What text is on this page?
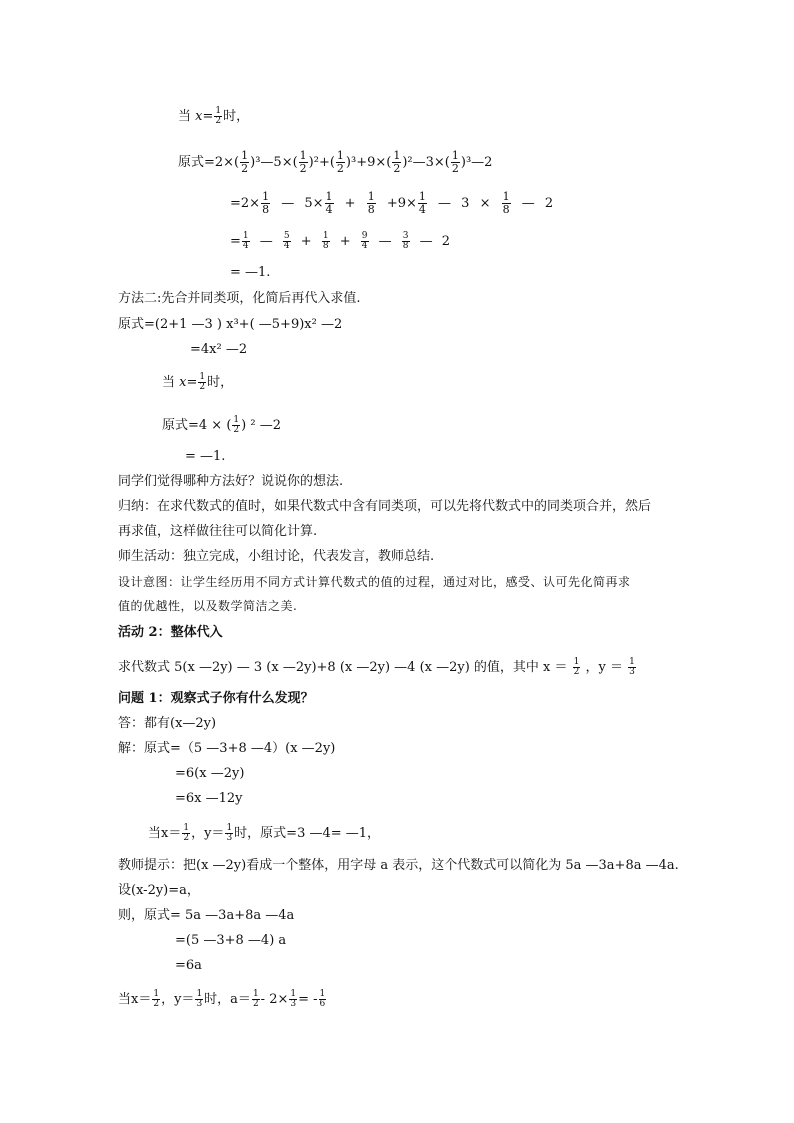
当 $x= \frac{1}{2}$ 时，
原式$=2\times( \frac{1}{2}$ )³—5×( $\frac{1}{2} )^2+( \frac{1}{2} )^3+9\times( \frac{1}{2}$ )²—3×( $\frac{1}{2}$ )³—2
$=2\times \frac{1}{8}$ — $5\times \frac{1}{4} + \frac{1}{8} +9\times \frac{1}{4}$ — $3 \times \frac{1}{8}$ — 2
= $\frac{1}{4}$ — $\frac{5}{4} + \frac{1}{8} + \frac{9}{4}$ — $\frac{3}{8}$ — 2
= —1.
方法二:先合并同类项，化简后再代入求值.
原式=(2+1 —3 ) x³+( —5+9)x² —2
=4x² —2
当 $x= \frac{1}{2}$ 时，
原式=4 × ( $\frac{1}{2}$ ) ² —2
= —1.
同学们觉得哪种方法好？说说你的想法.
归纳：在求代数式的值时，如果代数式中含有同类项，可以先将代数式中的同类项合并，然后
再求值，这样做往往可以简化计算.
师生活动：独立完成，小组讨论，代表发言，教师总结.
设计意图：让学生经历用不同方式计算代数式的值的过程，通过对比，感受、认可先化简再求
值的优越性，以及数学简洁之美.
活动 2：整体代入
求代数式 5(x —2y) — 3 (x —2y)+8 (x —2y) —4 (x —2y) 的值，其中 $x = \frac{1}{2}$ ，$y = \frac{1}{3}$
问题 1：观察式子你有什么发现？
答：都有(x—2y)
解：原式=（5 —3+8 —4）(x —2y)
=6(x —2y)
=6x —12y
当$x= \frac{1}{2}$ ，$y= \frac{1}{3}$ 时，原式=3 —4= —1，
教师提示：把(x —2y)看成一个整体，用字母 a 表示，这个代数式可以简化为 5a —3a+8a —4a.
设(x-2y)=a，
则，原式= 5a —3a+8a —4a
=(5 —3+8 —4) a
=6a
当$x= \frac{1}{2}$ ，$y= \frac{1}{3}$ 时，$a= \frac{1}{2} - 2\times \frac{1}{3}$ = - $\frac{1}{6}$
